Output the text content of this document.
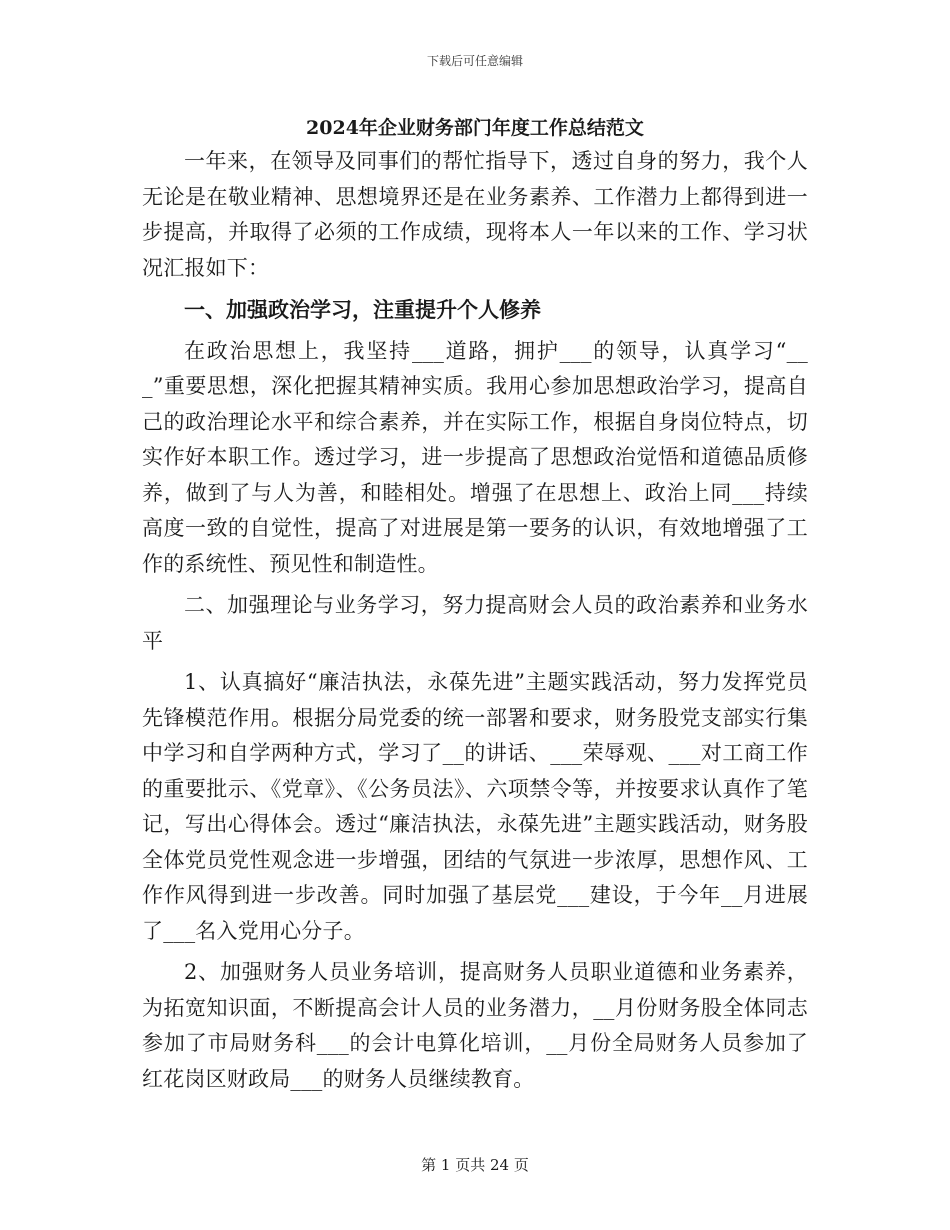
下载后可任意编辑
2024年企业财务部门年度工作总结范文

一年来，在领导及同事们的帮忙指导下，透过自身的努力，我个人无论是在敬业精神、思想境界还是在业务素养、工作潜力上都得到进一步提高，并取得了必须的工作成绩，现将本人一年以来的工作、学习状况汇报如下：

一、加强政治学习，注重提升个人修养

在政治思想上，我坚持___道路，拥护___的领导，认真学习“___”重要思想，深化把握其精神实质。我用心参加思想政治学习，提高自己的政治理论水平和综合素养，并在实际工作，根据自身岗位特点，切实作好本职工作。透过学习，进一步提高了思想政治觉悟和道德品质修养，做到了与人为善，和睦相处。增强了在思想上、政治上同___持续高度一致的自觉性，提高了对进展是第一要务的认识，有效地增强了工作的系统性、预见性和制造性。

二、加强理论与业务学习，努力提高财会人员的政治素养和业务水平

1、认真搞好“廉洁执法，永葆先进”主题实践活动，努力发挥党员先锋模范作用。根据分局党委的统一部署和要求，财务股党支部实行集中学习和自学两种方式，学习了__的讲话、___荣辱观、___对工商工作的重要批示、《党章》、《公务员法》、六项禁令等，并按要求认真作了笔记，写出心得体会。透过“廉洁执法，永葆先进”主题实践活动，财务股全体党员党性观念进一步增强，团结的气氛进一步浓厚，思想作风、工作作风得到进一步改善。同时加强了基层党___建设，于今年__月进展了___名入党用心分子。

2、加强财务人员业务培训，提高财务人员职业道德和业务素养，为拓宽知识面，不断提高会计人员的业务潜力，__月份财务股全体同志参加了市局财务科___的会计电算化培训，__月份全局财务人员参加了红花岗区财政局___的财务人员继续教育。

第 1 页共 24 页
